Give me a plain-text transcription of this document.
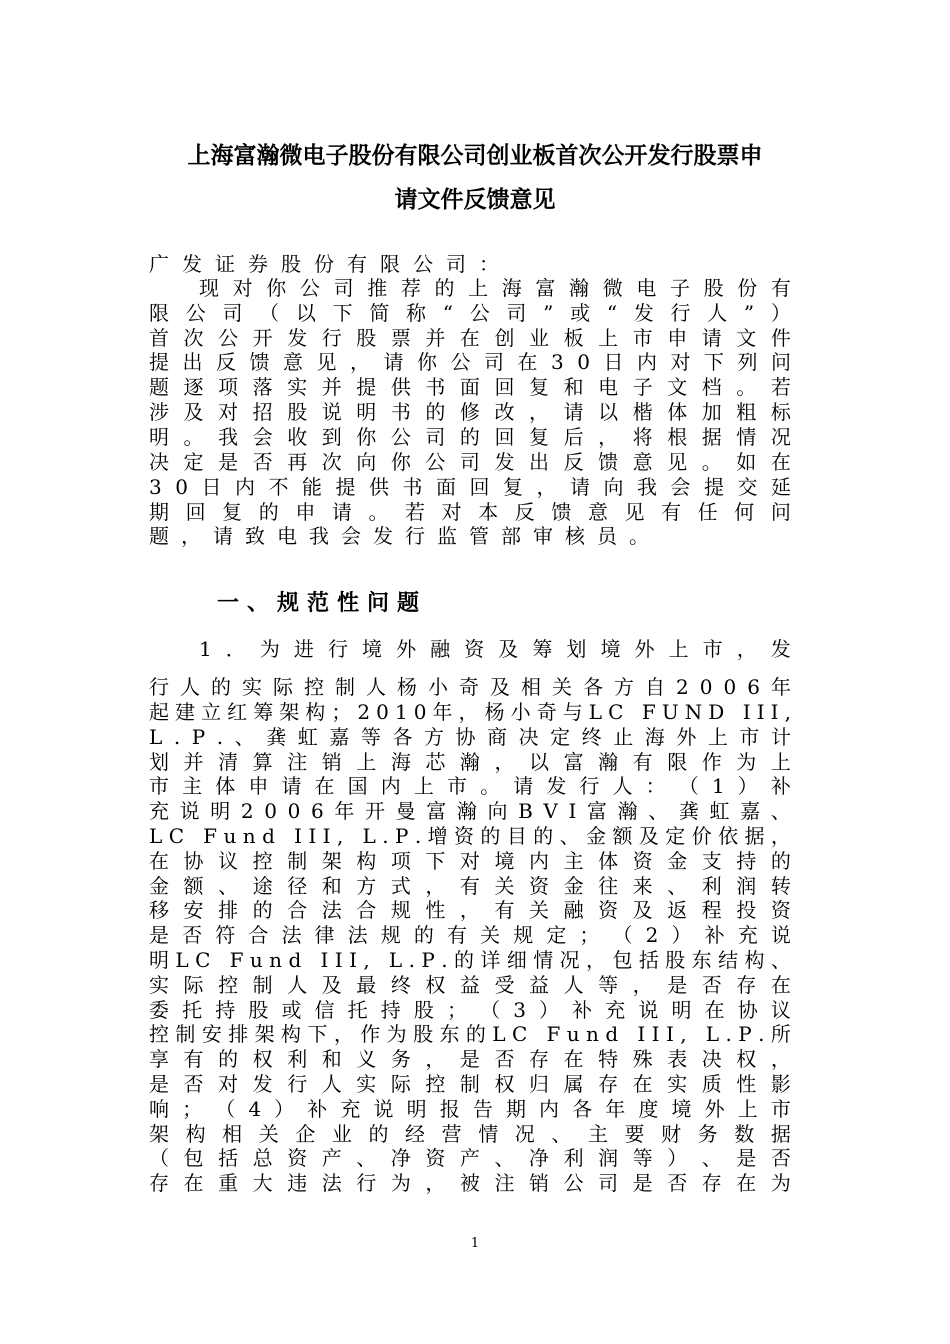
上海富瀚微电子股份有限公司创业板首次公开发行股票申
请文件反馈意见
广发证券股份有限公司：
现 对 你 公 司 推 荐 的 上 海 富 瀚 微 电 子 股 份 有
限 公 司 （ 以 下 简 称 “ 公 司 ” 或 “ 发 行 人 ” ）
首 次 公 开 发 行 股 票 并 在 创 业 板 上 市 申 请 文 件
提 出 反 馈 意 见 ， 请 你 公 司 在 3 0 日 内 对 下 列 问
题 逐 项 落 实 并 提 供 书 面 回 复 和 电 子 文 档 。 若
涉 及 对 招 股 说 明 书 的 修 改 ， 请 以 楷 体 加 粗 标
明 。 我 会 收 到 你 公 司 的 回 复 后 ， 将 根 据 情 况
决 定 是 否 再 次 向 你 公 司 发 出 反 馈 意 见 。 如 在
3 0 日 内 不 能 提 供 书 面 回 复 ， 请 向 我 会 提 交 延
期 回 复 的 申 请 。 若 对 本 反 馈 意 见 有 任 何 问
题，请致电我会发行监管部审核员。
一、规范性问题
1 ． 为 进 行 境 外 融 资 及 筹 划 境 外 上 市 ， 发
行 人 的 实 际 控 制 人 杨 小 奇 及 相 关 各 方 自 2 0 0 6 年
起 建 立 红 筹 架 构 ； 2 0 1 0 年 ， 杨 小 奇 与 L C
F U N D
I I I ,
L . P . 、 龚 虹 嘉 等 各 方 协 商 决 定 终 止 海 外 上 市 计
划 并 清 算 注 销 上 海 芯 瀚 ， 以 富 瀚 有 限 作 为 上
市 主 体 申 请 在 国 内 上 市 。 请 发 行 人 ： （ 1 ） 补
充 说 明 2 0 0 6 年 开 曼 富 瀚 向 B V I 富 瀚 、 龚 虹 嘉 、
L C
F u n d
I I I ,
L . P . 增 资 的 目 的 、 金 额 及 定 价 依 据 ，
在 协 议 控 制 架 构 项 下 对 境 内 主 体 资 金 支 持 的
金 额 、 途 径 和 方 式 ， 有 关 资 金 往 来 、 利 润 转
移 安 排 的 合 法 合 规 性 ， 有 关 融 资 及 返 程 投 资
是 否 符 合 法 律 法 规 的 有 关 规 定 ； （ 2 ） 补 充 说
明 L C
F u n d
I I I ,
L . P . 的 详 细 情 况 ， 包 括 股 东 结 构 、
实 际 控 制 人 及 最 终 权 益 受 益 人 等 ， 是 否 存 在
委 托 持 股 或 信 托 持 股 ； （ 3 ） 补 充 说 明 在 协 议
控 制 安 排 架 构 下 ， 作 为 股 东 的 L C
F u n d
I I I ,
L . P . 所
享 有 的 权 利 和 义 务 ， 是 否 存 在 特 殊 表 决 权 ，
是 否 对 发 行 人 实 际 控 制 权 归 属 存 在 实 质 性 影
响 ； （ 4 ） 补 充 说 明 报 告 期 内 各 年 度 境 外 上 市
架 构 相 关 企 业 的 经 营 情 况 、 主 要 财 务 数 据
（ 包 括 总 资 产 、 净 资 产 、 净 利 润 等 ） 、 是 否
存 在 重 大 违 法 行 为 ， 被 注 销 公 司 是 否 存 在 为
1
